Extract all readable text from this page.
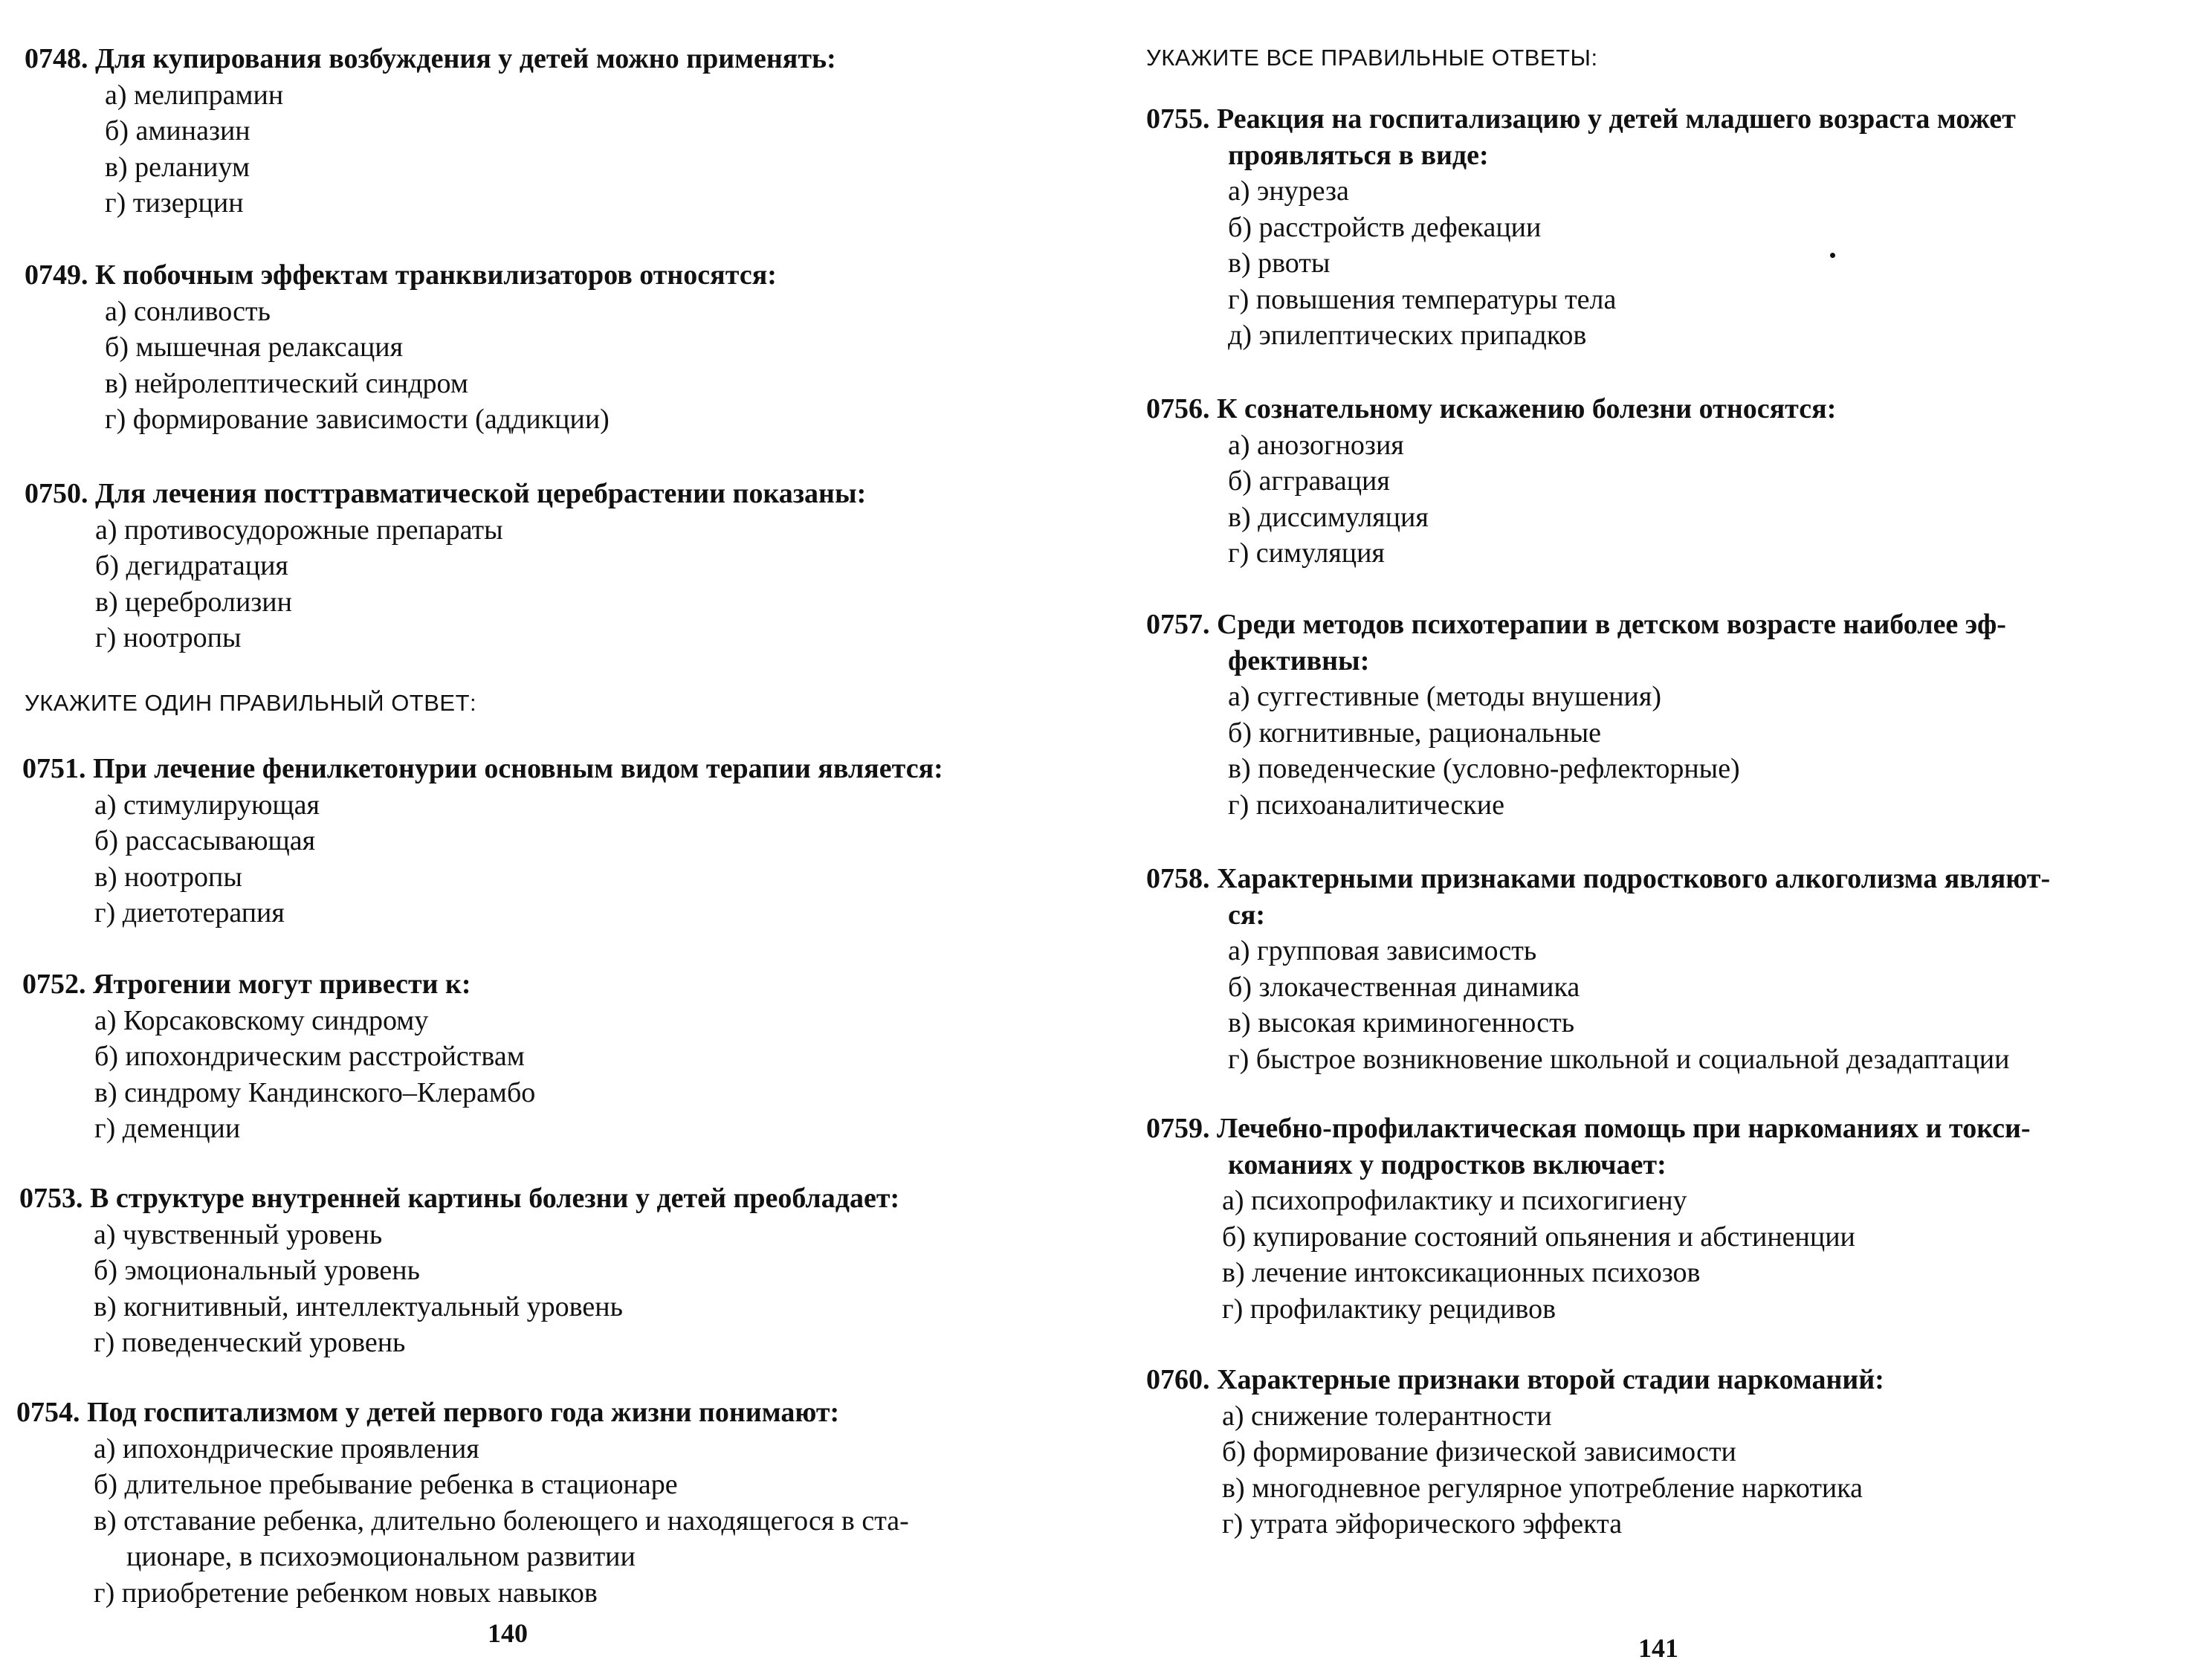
0748. Для купирования возбуждения у детей можно применять:
а) мелипрамин
б) аминазин
в) реланиум
г) тизерцин
0749. К побочным эффектам транквилизаторов относятся:
а) сонливость
б) мышечная релаксация
в) нейролептический синдром
г) формирование зависимости (аддикции)
0750. Для лечения посттравматической церебрастении показаны:
а) противосудорожные препараты
б) дегидратация
в) церебролизин
г) ноотропы
УКАЖИТЕ ОДИН ПРАВИЛЬНЫЙ ОТВЕТ:
0751. При лечение фенилкетонурии основным видом терапии является:
а) стимулирующая
б) рассасывающая
в) ноотропы
г) диетотерапия
0752. Ятрогении могут привести к:
а) Корсаковскому синдрому
б) ипохондрическим расстройствам
в) синдрому Кандинского–Клерамбо
г) деменции
0753. В структуре внутренней картины болезни у детей преобладает:
а) чувственный уровень
б) эмоциональный уровень
в) когнитивный, интеллектуальный уровень
г) поведенческий уровень
0754. Под госпитализмом у детей первого года жизни понимают:
а) ипохондрические проявления
б) длительное пребывание ребенка в стационаре
в) отставание ребенка, длительно болеющего и находящегося в ста-
ционаре, в психоэмоциональном развитии
г) приобретение ребенком новых навыков
140
УКАЖИТЕ ВСЕ ПРАВИЛЬНЫЕ ОТВЕТЫ:
0755. Реакция на госпитализацию у детей младшего возраста может
проявляться в виде:
а) энуреза
б) расстройств дефекации
в) рвоты
г) повышения температуры тела
д) эпилептических припадков
0756. К сознательному искажению болезни относятся:
а) анозогнозия
б) аггравация
в) диссимуляция
г) симуляция
0757. Среди методов психотерапии в детском возрасте наиболее эф-
фективны:
а) суггестивные (методы внушения)
б) когнитивные, рациональные
в) поведенческие (условно-рефлекторные)
г) психоаналитические
0758. Характерными признаками подросткового алкоголизма являют-
ся:
а) групповая зависимость
б) злокачественная динамика
в) высокая криминогенность
г) быстрое возникновение школьной и социальной дезадаптации
0759. Лечебно-профилактическая помощь при наркоманиях и токси-
команиях у подростков включает:
а) психопрофилактику и психогигиену
б) купирование состояний опьянения и абстиненции
в) лечение интоксикационных психозов
г) профилактику рецидивов
0760. Характерные признаки второй стадии наркоманий:
а) снижение толерантности
б) формирование физической зависимости
в) многодневное регулярное употребление наркотика
г) утрата эйфорического эффекта
141
